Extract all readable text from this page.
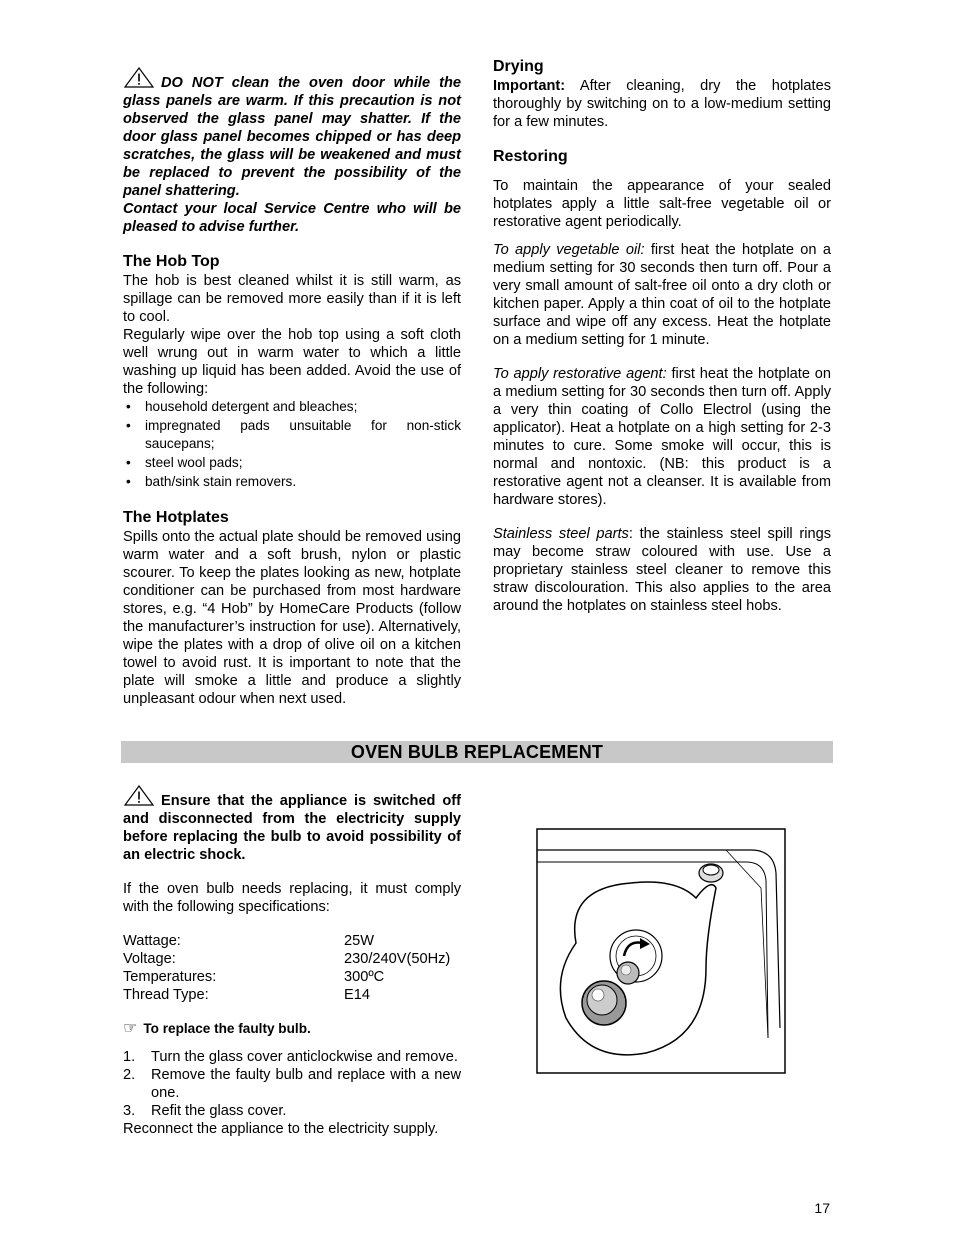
DO NOT clean the oven door while the glass panels are warm. If this precaution is not observed the glass panel may shatter. If the door glass panel becomes chipped or has deep scratches, the glass will be weakened and must be replaced to prevent the possibility of the panel shattering.

Contact your local Service Centre who will be pleased to advise further.

The Hob Top

The hob is best cleaned whilst it is still warm, as spillage can be removed more easily than if it is left to cool.

Regularly wipe over the hob top using a soft cloth well wrung out in warm water to which a little washing up liquid has been added. Avoid the use of the following:

• household detergent and bleaches;
• impregnated pads unsuitable for non-stick saucepans;
• steel wool pads;
• bath/sink stain removers.
The Hotplates

Spills onto the actual plate should be removed using warm water and a soft brush, nylon or plastic scourer. To keep the plates looking as new, hotplate conditioner can be purchased from most hardware stores, e.g. “4 Hob” by HomeCare Products (follow the manufacturer’s instruction for use). Alternatively, wipe the plates with a drop of olive oil on a kitchen towel to avoid rust. It is important to note that the plate will smoke a little and produce a slightly unpleasant odour when next used.

Drying

Important: After cleaning, dry the hotplates thoroughly by switching on to a low-medium setting for a few minutes.

Restoring

To maintain the appearance of your sealed hotplates apply a little salt-free vegetable oil or restorative agent periodically.

To apply vegetable oil: first heat the hotplate on a medium setting for 30 seconds then turn off. Pour a very small amount of salt-free oil onto a dry cloth or kitchen paper. Apply a thin coat of oil to the hotplate surface and wipe off any excess. Heat the hotplate on a medium setting for 1 minute.

To apply restorative agent: first heat the hotplate on a medium setting for 30 seconds then turn off. Apply a very thin coating of Collo Electrol (using the applicator). Heat a hotplate on a high setting for 2-3 minutes to cure. Some smoke will occur, this is normal and nontoxic. (NB: this product is a restorative agent not a cleanser. It is available from hardware stores).

Stainless steel parts: the stainless steel spill rings may become straw coloured with use. Use a proprietary stainless steel cleaner to remove this straw discolouration. This also applies to the area around the hotplates on stainless steel hobs.

OVEN BULB REPLACEMENT

Ensure that the appliance is switched off and disconnected from the electricity supply before replacing the bulb to avoid possibility of an electric shock.

If the oven bulb needs replacing, it must comply with the following specifications:

Wattage:	25W
Voltage:	230/240V(50Hz)
Temperatures:	300ºC
Thread Type:	E14

☞ To replace the faulty bulb.

1. Turn the glass cover anticlockwise and remove.
2. Remove the faulty bulb and replace with a new one.
3. Refit the glass cover.

Reconnect the appliance to the electricity supply.

17
